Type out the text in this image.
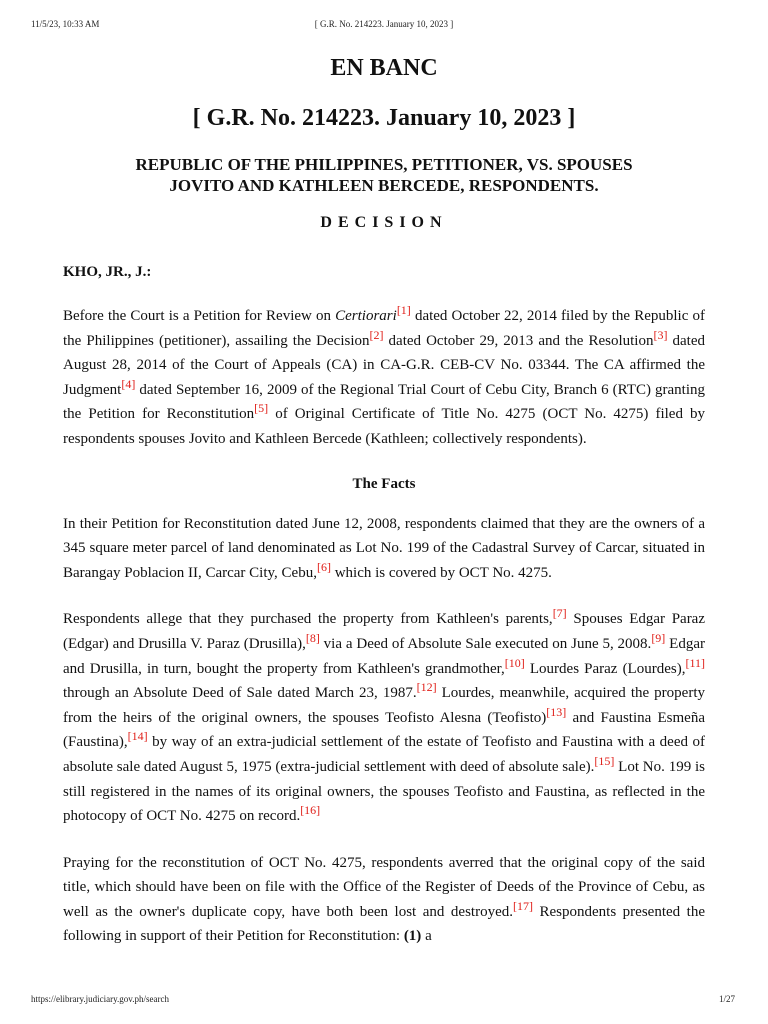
11/5/23, 10:33 AM	[ G.R. No. 214223. January 10, 2023 ]
EN BANC
[ G.R. No. 214223. January 10, 2023 ]
REPUBLIC OF THE PHILIPPINES, PETITIONER, VS. SPOUSES
JOVITO AND KATHLEEN BERCEDE, RESPONDENTS.
DECISION
KHO, JR., J.:

Before the Court is a Petition for Review on Certiorari[1] dated October 22, 2014 filed by the Republic of the Philippines (petitioner), assailing the Decision[2] dated October 29, 2013 and the Resolution[3] dated August 28, 2014 of the Court of Appeals (CA) in CA-G.R. CEB-CV No. 03344. The CA affirmed the Judgment[4] dated September 16, 2009 of the Regional Trial Court of Cebu City, Branch 6 (RTC) granting the Petition for Reconstitution[5] of Original Certificate of Title No. 4275 (OCT No. 4275) filed by respondents spouses Jovito and Kathleen Bercede (Kathleen; collectively respondents).

The Facts

In their Petition for Reconstitution dated June 12, 2008, respondents claimed that they are the owners of a 345 square meter parcel of land denominated as Lot No. 199 of the Cadastral Survey of Carcar, situated in Barangay Poblacion II, Carcar City, Cebu,[6] which is covered by OCT No. 4275.

Respondents allege that they purchased the property from Kathleen's parents,[7] Spouses Edgar Paraz (Edgar) and Drusilla V. Paraz (Drusilla),[8] via a Deed of Absolute Sale executed on June 5, 2008.[9] Edgar and Drusilla, in turn, bought the property from Kathleen's grandmother,[10] Lourdes Paraz (Lourdes),[11] through an Absolute Deed of Sale dated March 23, 1987.[12] Lourdes, meanwhile, acquired the property from the heirs of the original owners, the spouses Teofisto Alesna (Teofisto)[13] and Faustina Esmeña (Faustina),[14] by way of an extra-judicial settlement of the estate of Teofisto and Faustina with a deed of absolute sale dated August 5, 1975 (extra-judicial settlement with deed of absolute sale).[15] Lot No. 199 is still registered in the names of its original owners, the spouses Teofisto and Faustina, as reflected in the photocopy of OCT No. 4275 on record.[16]

Praying for the reconstitution of OCT No. 4275, respondents averred that the original copy of the said title, which should have been on file with the Office of the Register of Deeds of the Province of Cebu, as well as the owner's duplicate copy, have both been lost and destroyed.[17] Respondents presented the following in support of their Petition for Reconstitution: (1) a

https://elibrary.judiciary.gov.ph/search	1/27
